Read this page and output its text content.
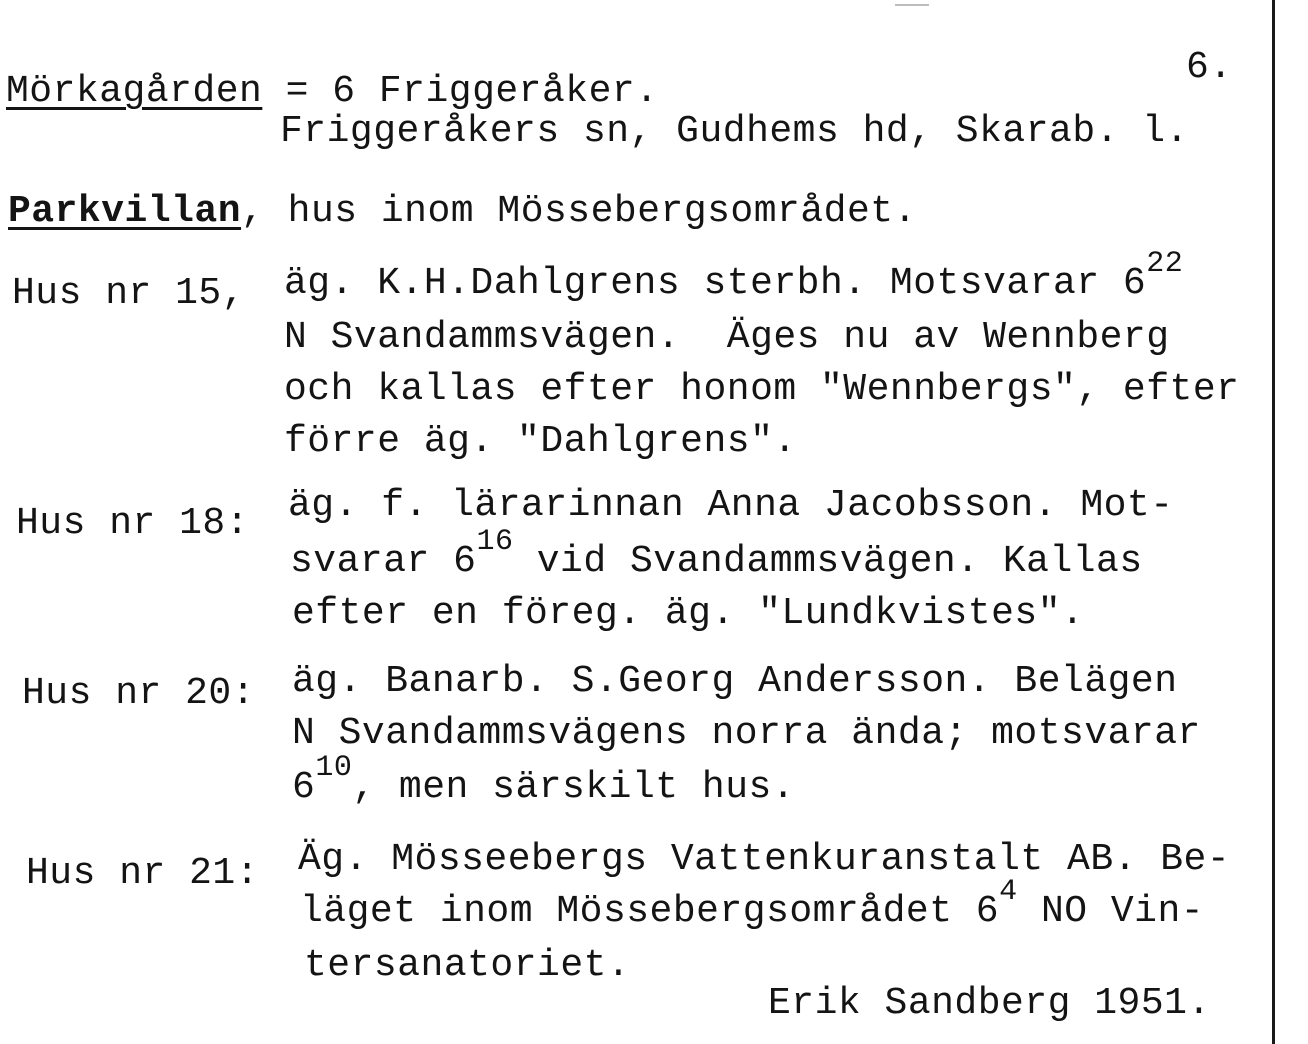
6.
Mörkagården = 6 Friggeråker.
Friggeråkers sn, Gudhems hd, Skarab. l.
Parkvillan, hus inom Mössebergsområdet.
Hus nr 15, äg. K.H.Dahlgrens sterbh. Motsvarar $6^{22}$
N Svandammsvägen.  Äges nu av Wennberg
och kallas efter honom "Wennbergs", efter
förre äg. "Dahlgrens".
Hus nr 18: äg. f. lärarinnan Anna Jacobsson. Mot-
svarar $6^{16}$ vid Svandammsvägen. Kallas
efter en föreg. äg. "Lundkvistes".
Hus nr 20: äg. Banarb. S.Georg Andersson. Belägen
N Svandammsvägens norra ända; motsvarar
$6^{10}$, men särskilt hus.
Hus nr 21: Äg. Mösseebergs Vattenkuranstalt AB. Be-
läget inom Mössebergsområdet $6^4$ NO Vin-
tersanatoriet.
Erik Sandberg 1951.
